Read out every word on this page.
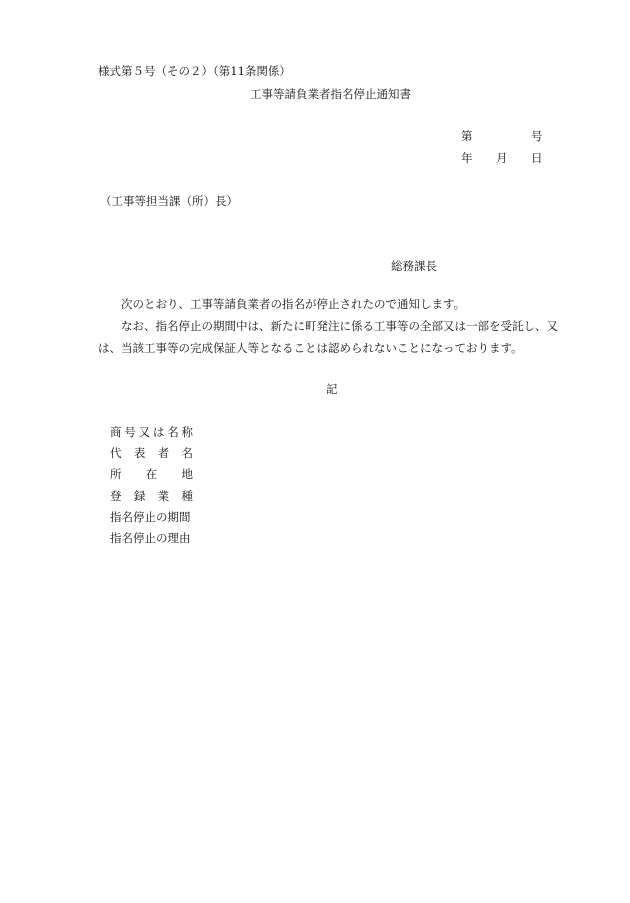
様式第５号（その２）（第11条関係）
工事等請負業者指名停止通知書
第	号
年 月 日
（工事等担当課（所）長）
総務課長
次のとおり、工事等請負業者の指名が停止されたので通知します。
なお、指名停止の期間中は、新たに町発注に係る工事等の全部又は一部を受託し、又
は、当該工事等の完成保証人等となることは認められないことになっております。
記
商 号 又 は 名 称
代 表 者 名
所 在 地
登 録 業 種
指名停止の期間
指名停止の理由
